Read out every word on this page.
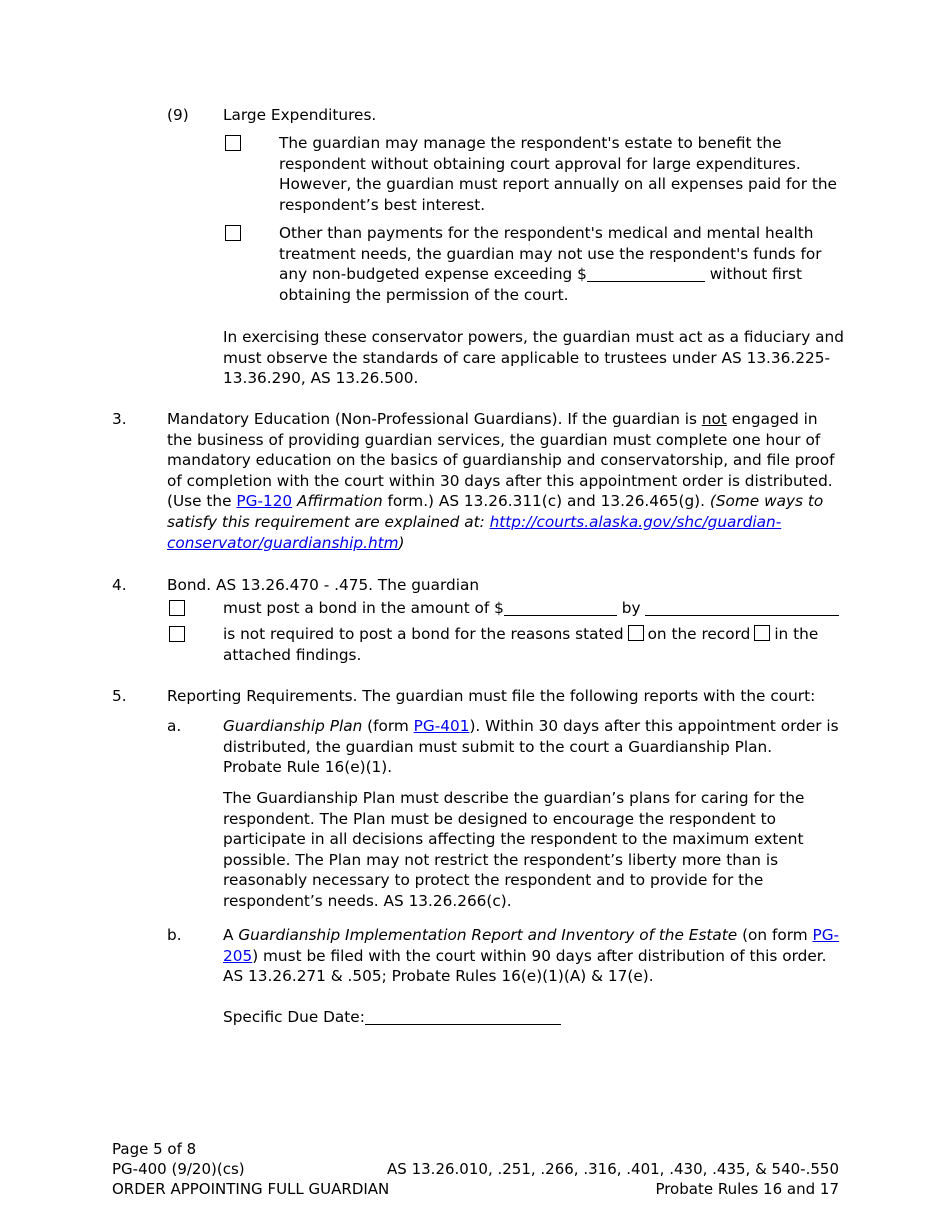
(9) Large Expenditures.
The guardian may manage the respondent's estate to benefit the respondent without obtaining court approval for large expenditures. However, the guardian must report annually on all expenses paid for the respondent’s best interest.
Other than payments for the respondent's medical and mental health treatment needs, the guardian may not use the respondent's funds for any non-budgeted expense exceeding $	without first obtaining the permission of the court.
In exercising these conservator powers, the guardian must act as a fiduciary and must observe the standards of care applicable to trustees under AS 13.36.225-13.36.290, AS 13.26.500.
3.	Mandatory Education (Non-Professional Guardians). If the guardian is not engaged in the business of providing guardian services, the guardian must complete one hour of mandatory education on the basics of guardianship and conservatorship, and file proof of completion with the court within 30 days after this appointment order is distributed. (Use the PG-120 Affirmation form.) AS 13.26.311(c) and 13.26.465(g). (Some ways to satisfy this requirement are explained at: http://courts.alaska.gov/shc/guardian-conservator/guardianship.htm)
4.	Bond. AS 13.26.470 - .475. The guardian
must post a bond in the amount of $	by
is not required to post a bond for the reasons stated on the record in the
attached findings.
5.	Reporting Requirements. The guardian must file the following reports with the court:
a.	Guardianship Plan (form PG-401). Within 30 days after this appointment order is distributed, the guardian must submit to the court a Guardianship Plan.
Probate Rule 16(e)(1).
The Guardianship Plan must describe the guardian’s plans for caring for the respondent. The Plan must be designed to encourage the respondent to participate in all decisions affecting the respondent to the maximum extent possible. The Plan may not restrict the respondent’s liberty more than is reasonably necessary to protect the respondent and to provide for the respondent’s needs. AS 13.26.266(c).
b.	A Guardianship Implementation Report and Inventory of the Estate (on form PG-205) must be filed with the court within 90 days after distribution of this order. AS 13.26.271 & .505; Probate Rules 16(e)(1)(A) & 17(e).
Specific Due Date:
Page 5 of 8
PG-400 (9/20)(cs)
ORDER APPOINTING FULL GUARDIAN
AS 13.26.010, .251, .266, .316, .401, .430, .435, & 540-.550
Probate Rules 16 and 17
